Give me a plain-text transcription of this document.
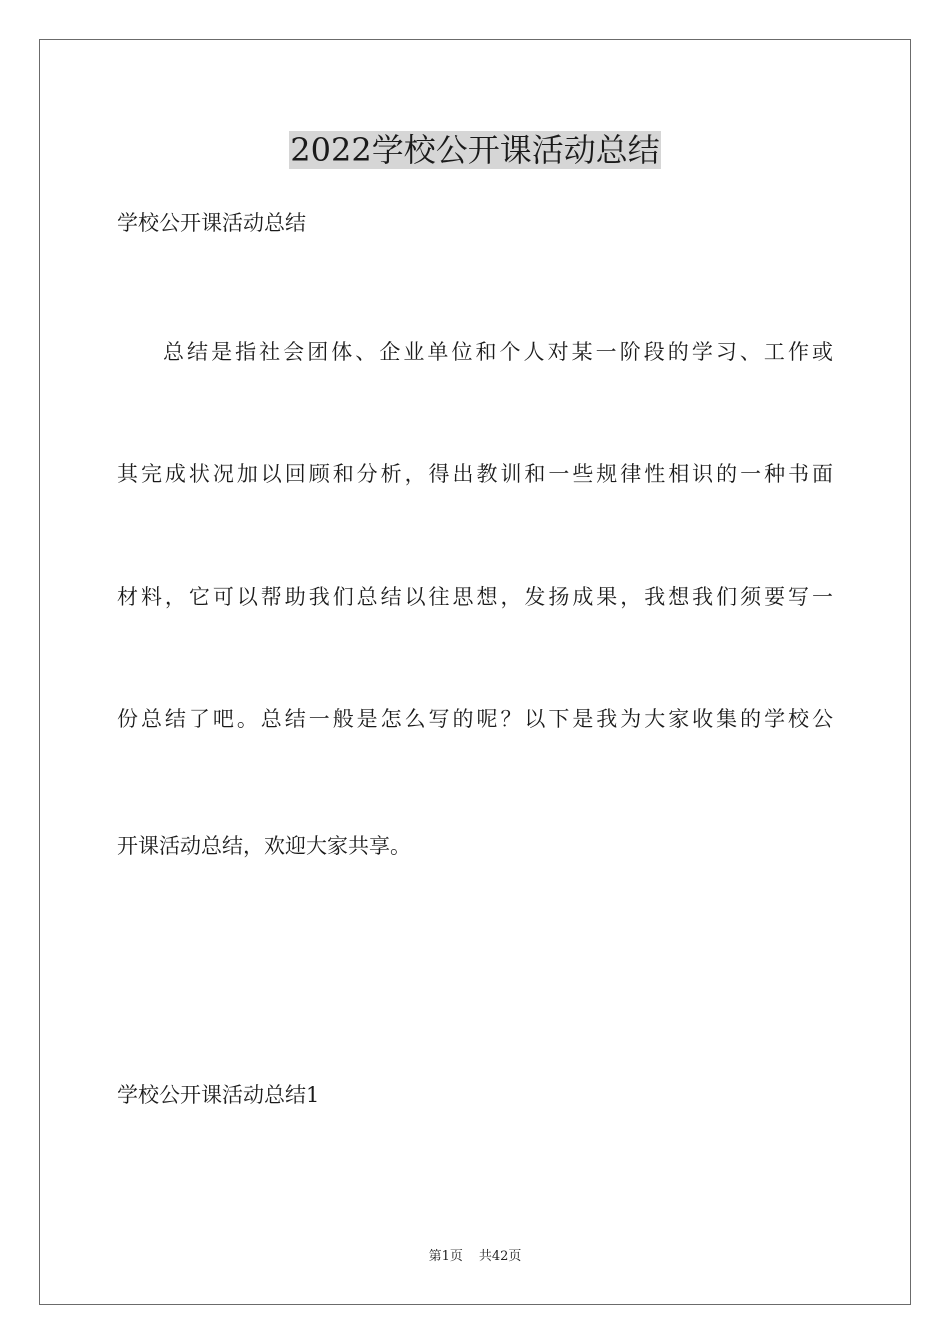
2022学校公开课活动总结

学校公开课活动总结

总结是指社会团体、企业单位和个人对某一阶段的学习、工作或

其完成状况加以回顾和分析，得出教训和一些规律性相识的一种书面

材料，它可以帮助我们总结以往思想，发扬成果，我想我们须要写一

份总结了吧。总结一般是怎么写的呢？以下是我为大家收集的学校公

开课活动总结，欢迎大家共享。

学校公开课活动总结1

第1页 共42页
